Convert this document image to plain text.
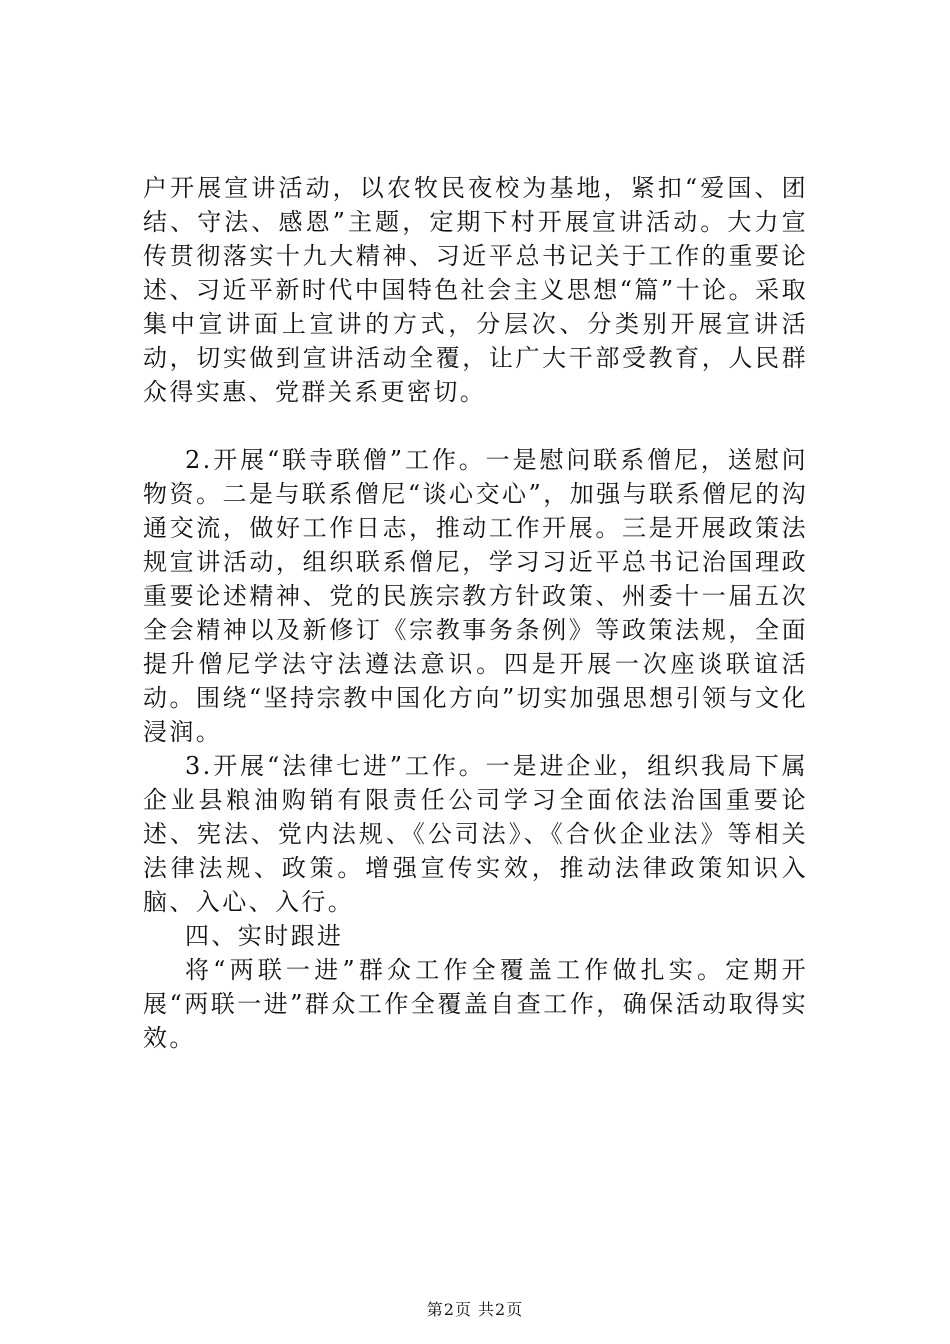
户开展宣讲活动，以农牧民夜校为基地，紧扣“爱国、团结、守法、感恩”主题，定期下村开展宣讲活动。大力宣传贯彻落实十九大精神、习近平总书记关于工作的重要论述、习近平新时代中国特色社会主义思想“篇”十论。采取集中宣讲面上宣讲的方式，分层次、分类别开展宣讲活动，切实做到宣讲活动全覆，让广大干部受教育，人民群众得实惠、党群关系更密切。

2.开展“联寺联僧”工作。一是慰问联系僧尼，送慰问物资。二是与联系僧尼“谈心交心”，加强与联系僧尼的沟通交流，做好工作日志，推动工作开展。三是开展政策法规宣讲活动，组织联系僧尼，学习习近平总书记治国理政重要论述精神、党的民族宗教方针政策、州委十一届五次全会精神以及新修订《宗教事务条例》等政策法规，全面提升僧尼学法守法遵法意识。四是开展一次座谈联谊活动。围绕“坚持宗教中国化方向”切实加强思想引领与文化浸润。

3.开展“法律七进”工作。一是进企业，组织我局下属企业县粮油购销有限责任公司学习全面依法治国重要论述、宪法、党内法规、《公司法》、《合伙企业法》等相关法律法规、政策。增强宣传实效，推动法律政策知识入脑、入心、入行。

四、实时跟进

将“两联一进”群众工作全覆盖工作做扎实。定期开展“两联一进”群众工作全覆盖自查工作，确保活动取得实效。

第2页 共2页
